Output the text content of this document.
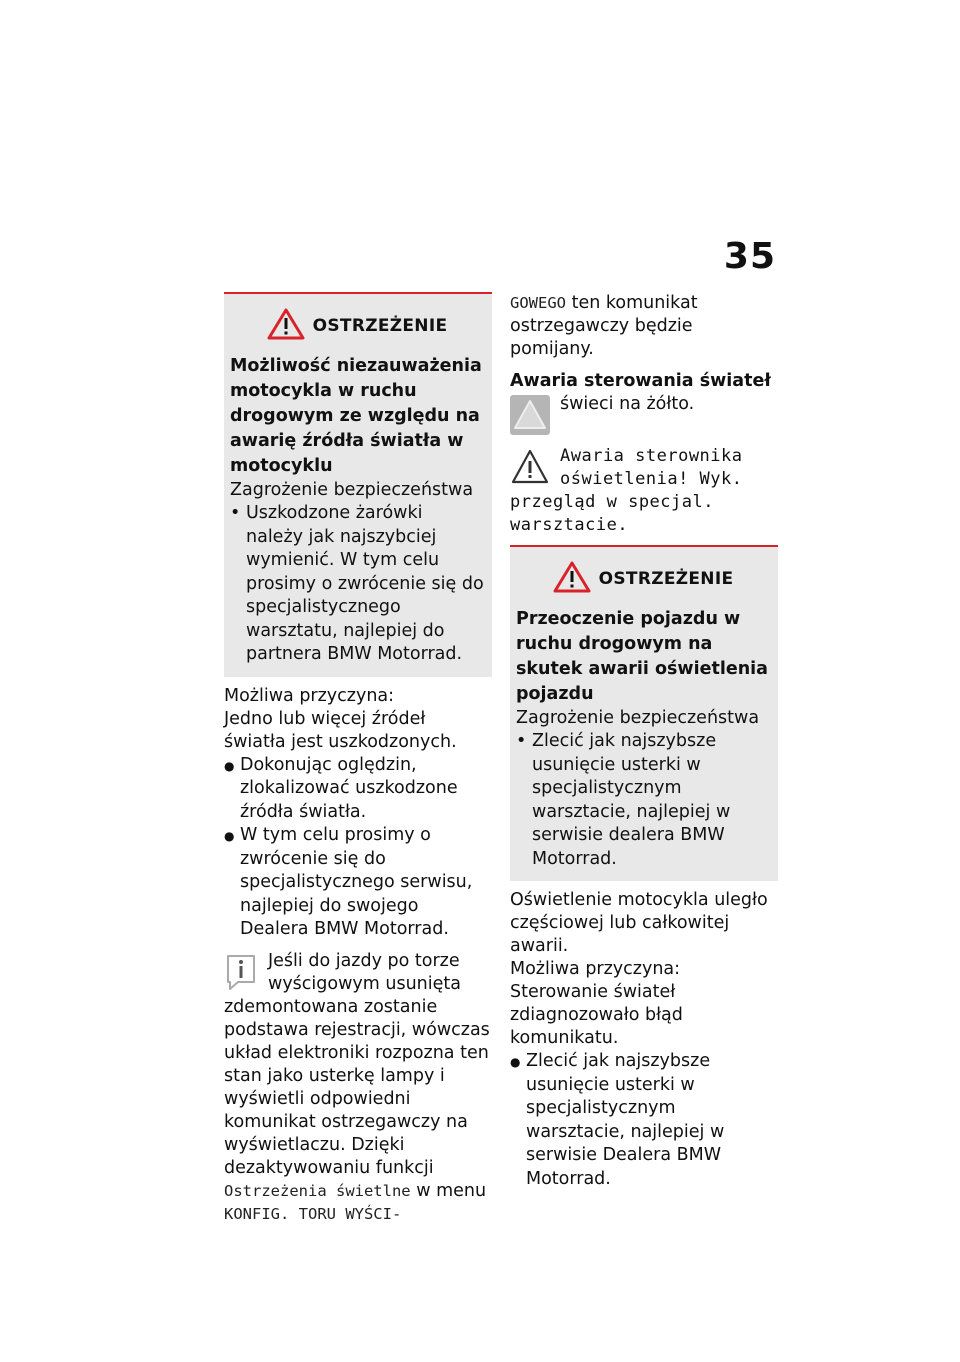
35
OSTRZEŻENIE
Możliwość niezauważenia motocykla w ruchu drogowym ze względu na awarię źródła światła w motocyklu
Zagrożenie bezpieczeństwa
• Uszkodzone żarówki należy jak najszybciej wymienić. W tym celu prosimy o zwrócenie się do specjalistycznego warsztatu, najlepiej do partnera BMW Motorrad.
Możliwa przyczyna:
Jedno lub więcej źródeł światła jest uszkodzonych.
● Dokonując oględzin, zlokalizować uszkodzone źródła światła.
● W tym celu prosimy o zwrócenie się do specjalistycznego serwisu, najlepiej do swojego Dealera BMW Motorrad.
Jeśli do jazdy po torze wyścigowym usunięta zdemontowana zostanie podstawa rejestracji, wówczas układ elektroniki rozpozna ten stan jako usterkę lampy i wyświetli odpowiedni komunikat ostrzegawczy na wyświetlaczu. Dzięki dezaktywowaniu funkcji Ostrzeżenia świetlne w menu KONFIG. TORU WYŚCI-
GOWEGO ten komunikat ostrzegawczy będzie pomijany.
Awaria sterowania świateł
świeci na żółto.
Awaria sterownika oświetlenia! Wyk. przegląd w specjal. warsztacie.
OSTRZEŻENIE
Przeoczenie pojazdu w ruchu drogowym na skutek awarii oświetlenia pojazdu
Zagrożenie bezpieczeństwa
• Zlecić jak najszybsze usunięcie usterki w specjalistycznym warsztacie, najlepiej w serwisie dealera BMW Motorrad.
Oświetlenie motocykla uległo częściowej lub całkowitej awarii.
Możliwa przyczyna:
Sterowanie świateł zdiagnozowało błąd komunikatu.
● Zlecić jak najszybsze usunięcie usterki w specjalistycznym warsztacie, najlepiej w serwisie Dealera BMW Motorrad.
